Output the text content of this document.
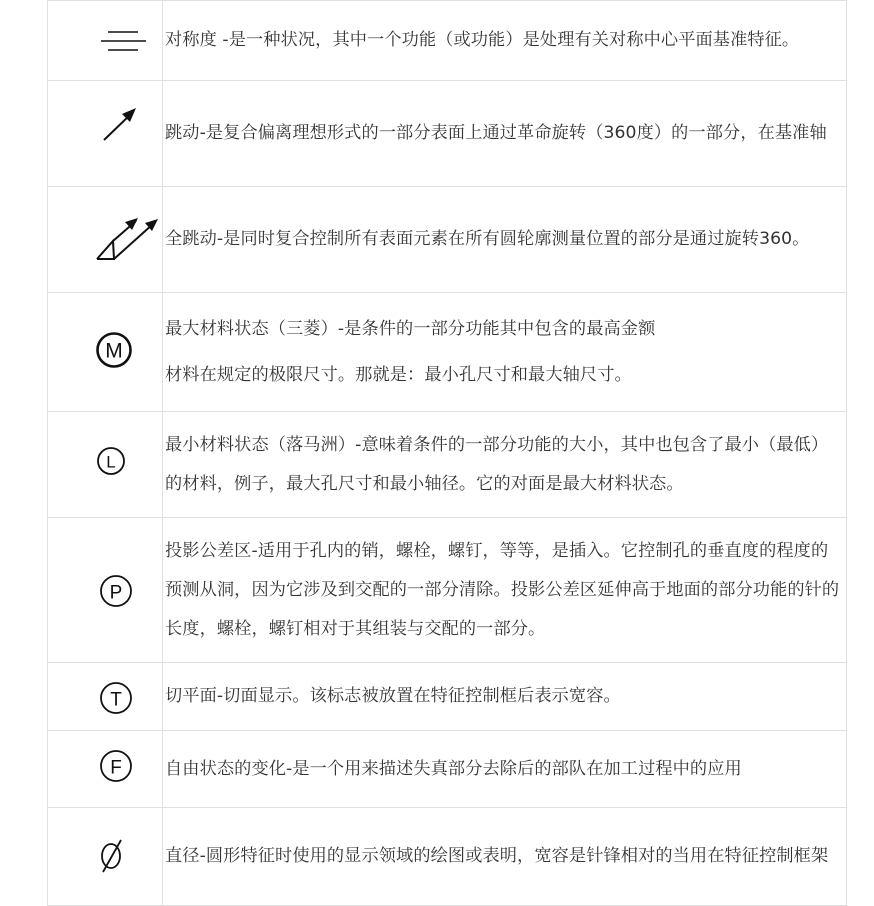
对称度 -是一种状况，其中一个功能（或功能）是处理有关对称中心平面基准特征。

跳动-是复合偏离理想形式的一部分表面上通过革命旋转（360度）的一部分，在基准轴

全跳动-是同时复合控制所有表面元素在所有圆轮廓测量位置的部分是通过旋转360。

M	最大材料状态（三菱）-是条件的一部分功能其中包含的最高金额

材料在规定的极限尺寸。那就是：最小孔尺寸和最大轴尺寸。

L	最小材料状态（落马洲）-意味着条件的一部分功能的大小，其中也包含了最小（最低）的材料，例子，最大孔尺寸和最小轴径。它的对面是最大材料状态。

P	投影公差区-适用于孔内的销，螺栓，螺钉，等等，是插入。它控制孔的垂直度的程度的预测从洞，因为它涉及到交配的一部分清除。投影公差区延伸高于地面的部分功能的针的长度，螺栓，螺钉相对于其组装与交配的一部分。

T	切平面-切面显示。该标志被放置在特征控制框后表示宽容。

F	自由状态的变化-是一个用来描述失真部分去除后的部队在加工过程中的应用

直径-圆形特征时使用的显示领域的绘图或表明，宽容是针锋相对的当用在特征控制框架
